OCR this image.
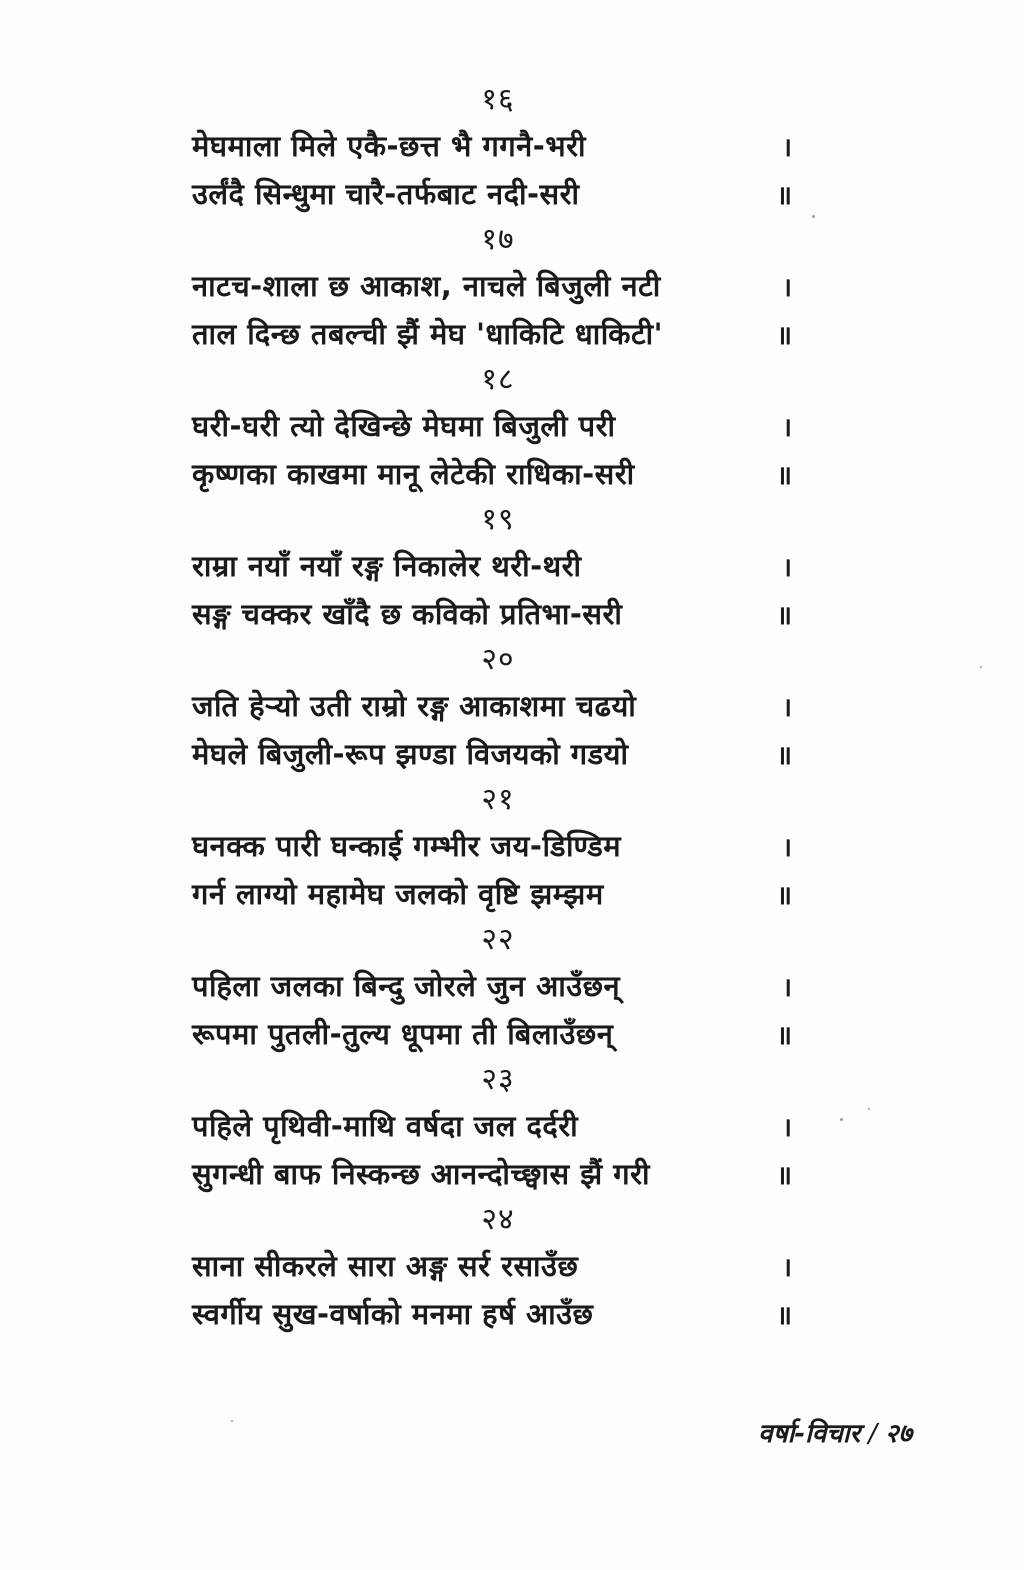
१६
मेघमाला मिले एकै-छत्त भै गगनै-भरी	।
उर्लंदै सिन्धुमा चारै-तर्फबाट नदी-सरी	॥
१७
नाटच-शाला छ आकाश, नाचले बिजुली नटी	।
ताल दिन्छ तबल्ची झैं मेघ 'धाकिटि धाकिटी'	॥
१८
घरी-घरी त्यो देखिन्छे मेघमा बिजुली परी	।
कृष्णका काखमा मानू लेटेकी राधिका-सरी	॥
१९
राम्रा नयाँ नयाँ रङ्ग निकालेर थरी-थरी	।
सङ्ग चक्कर खाँदै छ कविको प्रतिभा-सरी	॥
२०
जति हेऱ्यो उती राम्रो रङ्ग आकाशमा चढयो	।
मेघले बिजुली-रूप झण्डा विजयको गडयो	॥
२१
घनक्क पारी घन्काई गम्भीर जय-डिण्डिम	।
गर्न लाग्यो महामेघ जलको वृष्टि झम्झम	॥
२२
पहिला जलका बिन्दु जोरले जुन आउँछन्	।
रूपमा पुतली-तुल्य धूपमा ती बिलाउँछन्	॥
२३
पहिले पृथिवी-माथि वर्षदा जल दर्दरी	।
सुगन्धी बाफ निस्कन्छ आनन्दोच्छ्वास झैं गरी	॥
२४
साना सीकरले सारा अङ्ग सर्र रसाउँछ	।
स्वर्गीय सुख-वर्षाको मनमा हर्ष आउँछ	॥
वर्षा-विचार / २७
